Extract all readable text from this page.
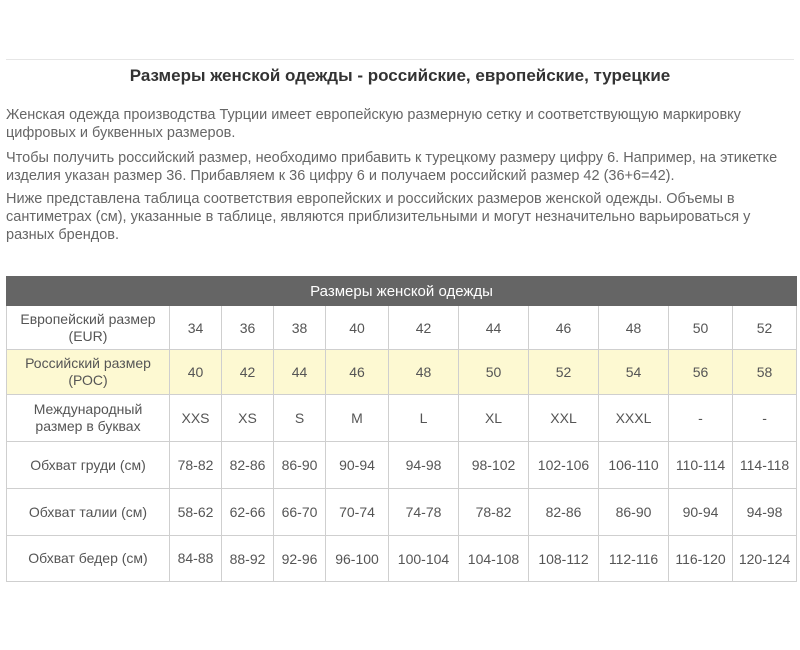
Размеры женской одежды - российские, европейские, турецкие
Женская одежда производства Турции имеет европейскую размерную сетку и соответствующую маркировку цифровых и буквенных размеров.
Чтобы получить российский размер, необходимо прибавить к турецкому размеру цифру 6. Например, на этикетке изделия указан размер 36. Прибавляем к 36 цифру 6 и получаем российский размер 42 (36+6=42).
Ниже представлена таблица соответствия европейских и российских размеров женской одежды. Объемы в сантиметрах (см), указанные в таблице, являются приблизительными и могут незначительно варьироваться у разных брендов.
Размеры женской одежды										
Европейский размер (EUR)	34	36	38	40	42	44	46	48	50	52
Российский размер (РОС)	40	42	44	46	48	50	52	54	56	58
Международный размер в буквах	XXS	XS	S	M	L	XL	XXL	XXXL	-	-
Обхват груди (см)	78-82	82-86	86-90	90-94	94-98	98-102	102-106	106-110	110-114	114-118
Обхват талии (см)	58-62	62-66	66-70	70-74	74-78	78-82	82-86	86-90	90-94	94-98
Обхват бедер (см)	84-88	88-92	92-96	96-100	100-104	104-108	108-112	112-116	116-120	120-124
